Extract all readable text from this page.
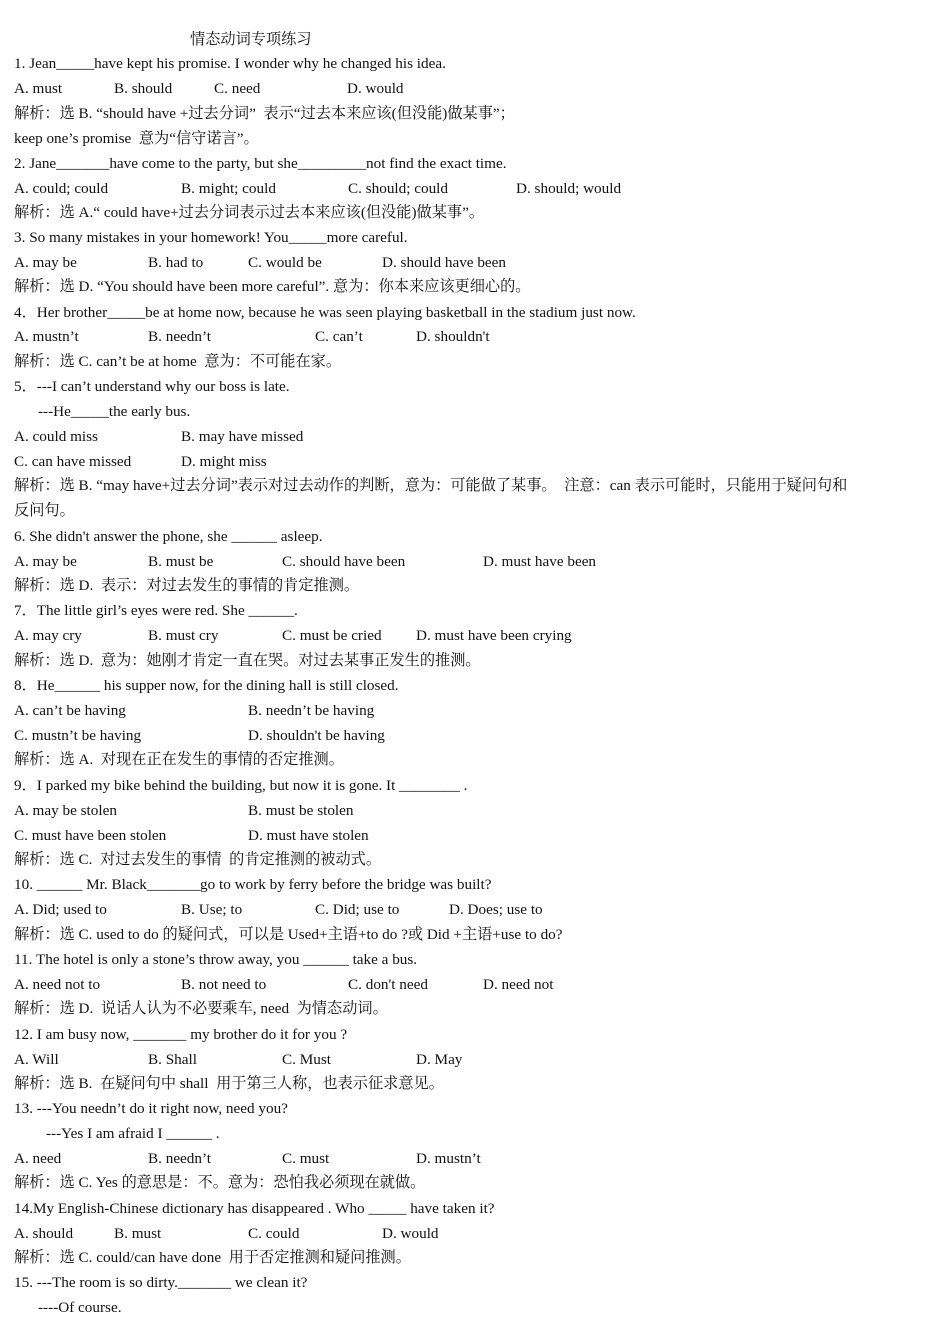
情态动词专项练习
1. Jean_____have kept his promise. I wonder why he changed his idea.
A. must	B. should	C. need	D. would
解析：选 B. “should have +过去分词”  表示“过去本来应该(但没能)做某事”；
keep one’s promise  意为“信守诺言”。
2. Jane_______have come to the party, but she_________not find the exact time.
A. could; could	B. might; could	C. should; could	D. should; would
解析：选 A.“ could have+过去分词表示过去本来应该(但没能)做某事”。
3. So many mistakes in your homework! You_____more careful.
A. may be	B. had to	C. would be	D. should have been
解析：选 D. “You should have been more careful”. 意为：你本来应该更细心的。
4．Her brother_____be at home now, because he was seen playing basketball in the stadium just now.
A. mustn’t	B. needn’t	C. can’t	D. shouldn't
解析：选 C. can’t be at home  意为：不可能在家。
5．---I can’t understand why our boss is late.
---He_____the early bus.
A. could miss	B. may have missed
C. can have missed	D. might miss
解析：选 B. “may have+过去分词”表示对过去动作的判断，意为：可能做了某事。  注意：can 表示可能时，只能用于疑问句和
反问句。
6. She didn't answer the phone, she ______ asleep.
A. may be	B. must be	C. should have been	D. must have been
解析：选 D.  表示：对过去发生的事情的肯定推测。
7．The little girl’s eyes were red. She ______.
A. may cry	B. must cry	C. must be cried D. must have been crying
解析：选 D.  意为：她刚才肯定一直在哭。对过去某事正发生的推测。
8．He______ his supper now, for the dining hall is still closed.
A. can’t be having	B. needn’t be having
C. mustn’t be having	D. shouldn't be having
解析：选 A.  对现在正在发生的事情的否定推测。
9．I parked my bike behind the building, but now it is gone. It ________ .
A. may be stolen	B. must be stolen
C. must have been stolen	D. must have stolen
解析：选 C.  对过去发生的事情  的肯定推测的被动式。
10. ______ Mr. Black_______go to work by ferry before the bridge was built?
A. Did; used to	B. Use; to	C. Did; use to	D. Does; use to
解析：选 C. used to do 的疑问式，可以是 Used+主语+to do ?或 Did +主语+use to do?
11. The hotel is only a stone’s throw away, you ______ take a bus.
A. need not to	B. not need to	C. don't need	D. need not
解析：选 D.  说话人认为不必要乘车, need  为情态动词。
12. I am busy now, _______ my brother do it for you ?
A. Will	B. Shall	C. Must	D. May
解析：选 B.  在疑问句中 shall  用于第三人称，也表示征求意见。
13. ---You needn’t do it right now, need you?
---Yes I am afraid I ______ .
A. need	B. needn’t	C. must	D. mustn’t
解析：选 C. Yes 的意思是：不。意为：恐怕我必须现在就做。
14.My English-Chinese dictionary has disappeared . Who _____ have taken it?
A. should	B. must	C. could	D. would
解析：选 C. could/can have done  用于否定推测和疑问推测。
15. ---The room is so dirty._______ we clean it?
----Of course.
